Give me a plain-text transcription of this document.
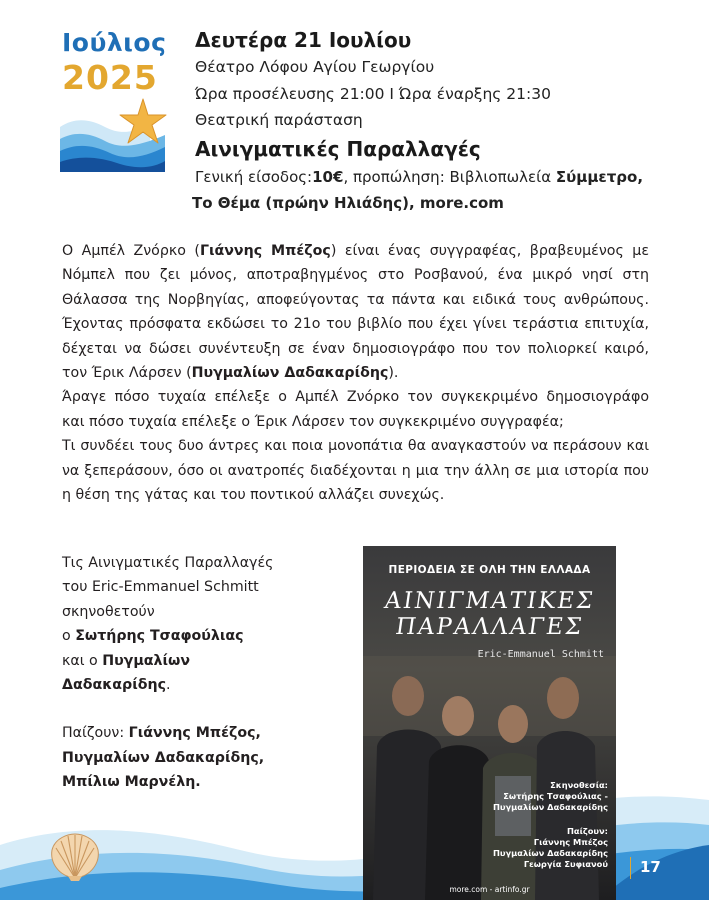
Ιούλιος
2025
Δευτέρα 21 Ιουλίου
Θέατρο Λόφου Αγίου Γεωργίου
Ώρα προσέλευσης 21:00 Ι Ώρα έναρξης 21:30
Θεατρική παράσταση
Αινιγματικές Παραλλαγές
Γενική είσοδος:10€, προπώληση: Βιβλιοπωλεία Σύμμετρο,
Το Θέμα (πρώην Ηλιάδης), more.com
Ο Αμπέλ Ζνόρκο (Γιάννης Μπέζος) είναι ένας συγγραφέας, βραβευμένος με
Νόμπελ που ζει μόνος, αποτραβηγμένος στο Ροσβανού, ένα μικρό νησί στη
Θάλασσα της Νορβηγίας, αποφεύγοντας τα πάντα και ειδικά τους ανθρώπους.
Έχοντας πρόσφατα εκδώσει το 21ο του βιβλίο που έχει γίνει τεράστια επιτυχία,
δέχεται να δώσει συνέντευξη σε έναν δημοσιογράφο που τον πολιορκεί καιρό,
τον Έρικ Λάρσεν (Πυγμαλίων Δαδακαρίδης).
Άραγε πόσο τυχαία επέλεξε ο Αμπέλ Ζνόρκο τον συγκεκριμένο δημοσιογράφο
και πόσο τυχαία επέλεξε ο Έρικ Λάρσεν τον συγκεκριμένο συγγραφέα;
Τι συνδέει τους δυο άντρες και ποια μονοπάτια θα αναγκαστούν να περάσουν και
να ξεπεράσουν, όσο οι ανατροπές διαδέχονται η μια την άλλη σε μια ιστορία που
η θέση της γάτας και του ποντικού αλλάζει συνεχώς.
Τις Αινιγματικές Παραλλαγές
του Eric-Emmanuel Schmitt
σκηνοθετούν
ο Σωτήρης Τσαφούλιας
και ο Πυγμαλίων
Δαδακαρίδης.
Παίζουν: Γιάννης Μπέζος,
Πυγμαλίων Δαδακαρίδης,
Μπίλιω Μαρνέλη.
ΠΕΡΙΟΔΕΙΑ ΣΕ ΟΛΗ ΤΗΝ ΕΛΛΑΔΑ
ΑΙΝΙΓΜΑΤΙΚΕΣ
ΠΑΡΑΛΛΑΓΕΣ
Eric-Emmanuel Schmitt
Σκηνοθεσία:
Σωτήρης Τσαφούλιας -
Πυγμαλίων Δαδακαρίδης
Παίζουν:
Γιάννης Μπέζος
Πυγμαλίων Δαδακαρίδης
Γεωργία Συφιανού
more.com - artinfo.gr
17
